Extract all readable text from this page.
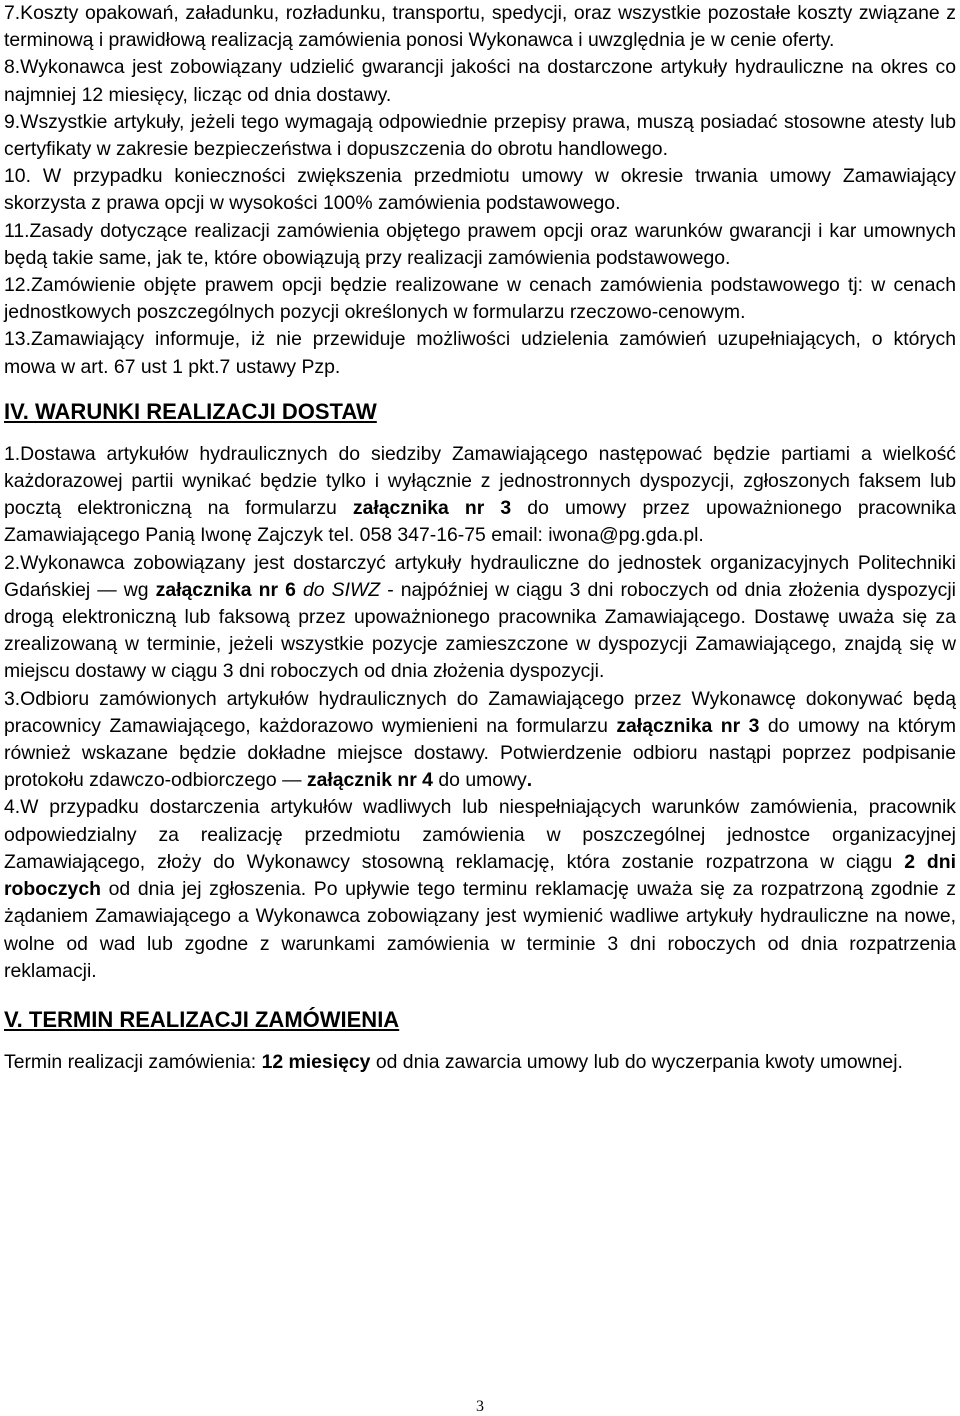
7.Koszty opakowań, załadunku, rozładunku, transportu, spedycji, oraz wszystkie pozostałe koszty związane z terminową i prawidłową realizacją zamówienia ponosi Wykonawca i uwzględnia je w cenie oferty.

8.Wykonawca jest zobowiązany udzielić gwarancji jakości na dostarczone artykuły hydrauliczne na okres co najmniej 12 miesięcy, licząc od dnia dostawy.

9.Wszystkie artykuły, jeżeli tego wymagają odpowiednie przepisy prawa, muszą posiadać stosowne atesty lub certyfikaty w zakresie bezpieczeństwa i dopuszczenia do obrotu handlowego.

10. W przypadku konieczności zwiększenia przedmiotu umowy w okresie trwania umowy Zamawiający skorzysta z prawa opcji w wysokości 100% zamówienia podstawowego.

11.Zasady dotyczące realizacji zamówienia objętego prawem opcji oraz warunków gwarancji i kar umownych będą takie same, jak te, które obowiązują przy realizacji zamówienia podstawowego.

12.Zamówienie objęte prawem opcji będzie realizowane w cenach zamówienia podstawowego tj: w cenach jednostkowych poszczególnych pozycji określonych w formularzu rzeczowo-cenowym.

13.Zamawiający informuje, iż nie przewiduje możliwości udzielenia zamówień uzupełniających, o których mowa w art. 67 ust 1 pkt.7 ustawy Pzp.

IV. WARUNKI REALIZACJI DOSTAW

1.Dostawa artykułów hydraulicznych do siedziby Zamawiającego następować będzie partiami a wielkość każdorazowej partii wynikać będzie tylko i wyłącznie z jednostronnych dyspozycji, zgłoszonych faksem lub pocztą elektroniczną na formularzu załącznika nr 3 do umowy przez upoważnionego pracownika Zamawiającego Panią Iwonę Zajczyk tel. 058 347-16-75 email: iwona@pg.gda.pl.

2.Wykonawca zobowiązany jest dostarczyć artykuły hydrauliczne do jednostek organizacyjnych Politechniki Gdańskiej — wg załącznika nr 6 do SIWZ - najpóźniej w ciągu 3 dni roboczych od dnia złożenia dyspozycji drogą elektroniczną lub faksową przez upoważnionego pracownika Zamawiającego. Dostawę uważa się za zrealizowaną w terminie, jeżeli wszystkie pozycje zamieszczone w dyspozycji Zamawiającego, znajdą się w miejscu dostawy w ciągu 3 dni roboczych od dnia złożenia dyspozycji.

3.Odbioru zamówionych artykułów hydraulicznych do Zamawiającego przez Wykonawcę dokonywać będą pracownicy Zamawiającego, każdorazowo wymienieni na formularzu załącznika nr 3 do umowy na którym również wskazane będzie dokładne miejsce dostawy. Potwierdzenie odbioru nastąpi poprzez podpisanie protokołu zdawczo-odbiorczego — załącznik nr 4 do umowy.

4.W przypadku dostarczenia artykułów wadliwych lub niespełniających warunków zamówienia, pracownik odpowiedzialny za realizację przedmiotu zamówienia w poszczególnej jednostce organizacyjnej Zamawiającego, złoży do Wykonawcy stosowną reklamację, która zostanie rozpatrzona w ciągu 2 dni roboczych od dnia jej zgłoszenia. Po upływie tego terminu reklamację uważa się za rozpatrzoną zgodnie z żądaniem Zamawiającego a Wykonawca zobowiązany jest wymienić wadliwe artykuły hydrauliczne na nowe, wolne od wad lub zgodne z warunkami zamówienia w terminie 3 dni roboczych od dnia rozpatrzenia reklamacji.

V. TERMIN REALIZACJI ZAMÓWIENIA

Termin realizacji zamówienia: 12 miesięcy od dnia zawarcia umowy lub do wyczerpania kwoty umownej.

3
